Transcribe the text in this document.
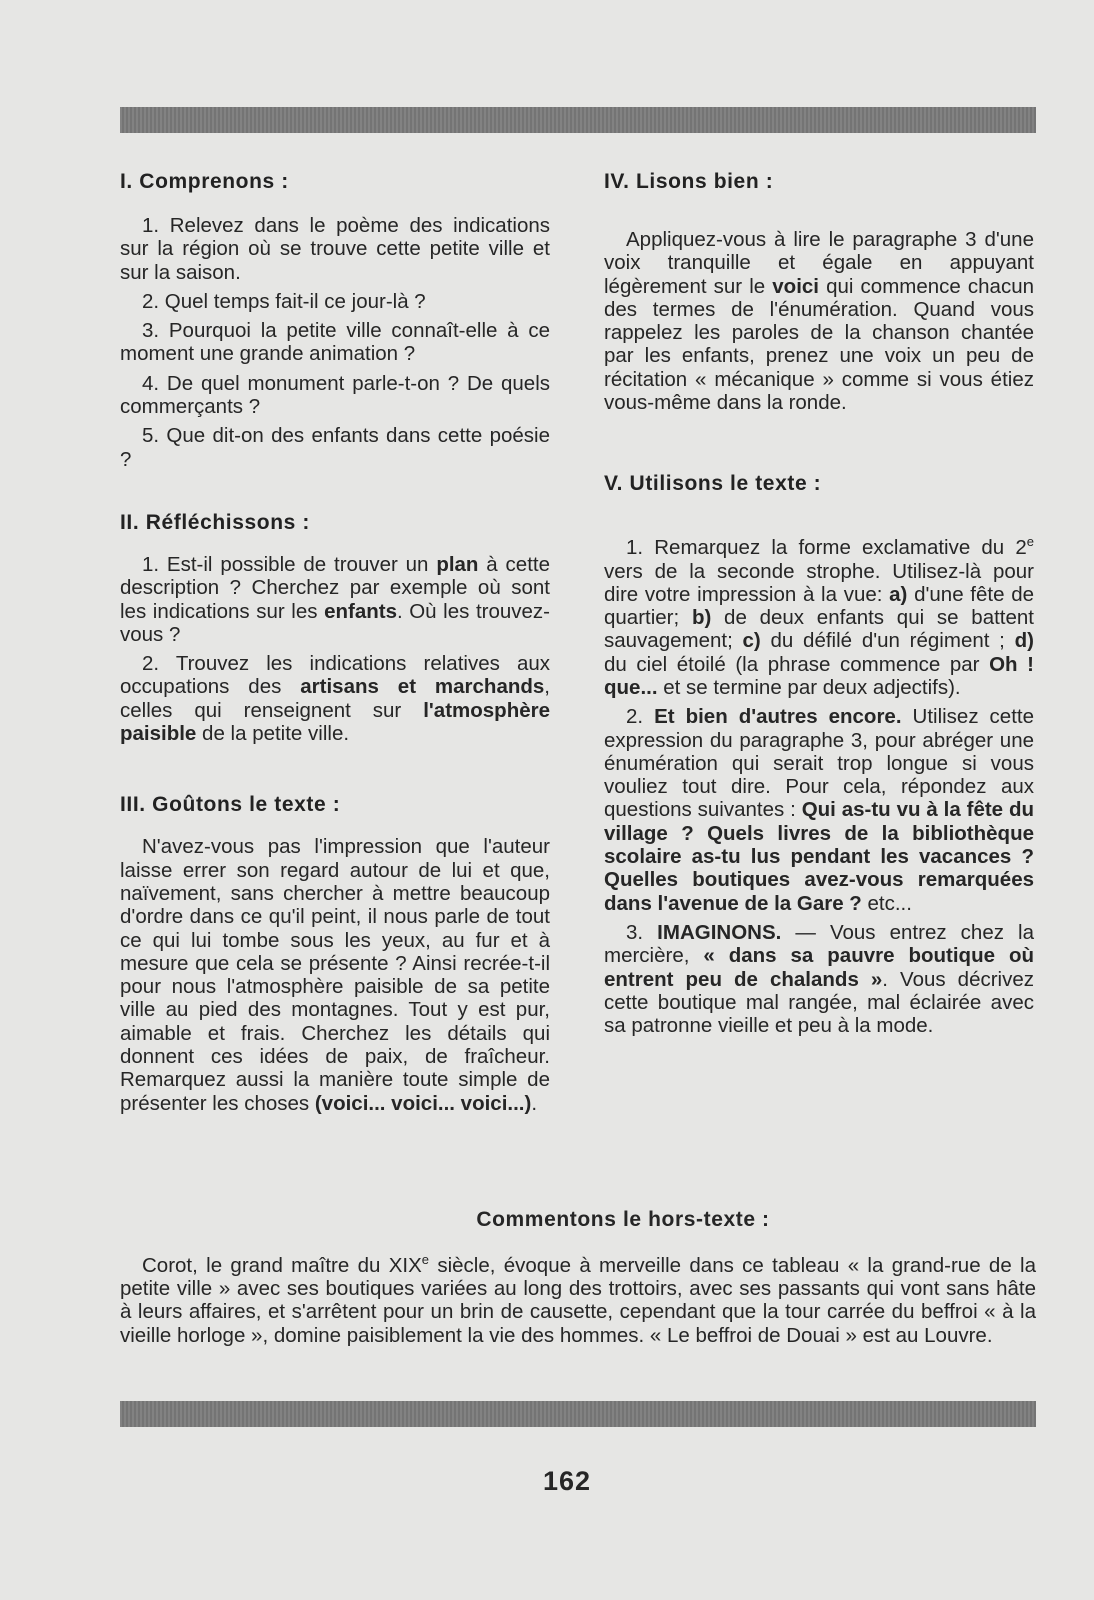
I. Comprenons :

1. Relevez dans le poème des indications sur la région où se trouve cette petite ville et sur la saison.

2. Quel temps fait-il ce jour-là ?

3. Pourquoi la petite ville connaît-elle à ce moment une grande animation ?

4. De quel monument parle-t-on ? De quels commerçants ?

5. Que dit-on des enfants dans cette poésie ?

II. Réfléchissons :

1. Est-il possible de trouver un plan à cette description ? Cherchez par exemple où sont les indications sur les enfants. Où les trouvez-vous ?

2. Trouvez les indications relatives aux occupations des artisans et marchands, celles qui renseignent sur l'atmosphère paisible de la petite ville.

III. Goûtons le texte :

N'avez-vous pas l'impression que l'auteur laisse errer son regard autour de lui et que, naïvement, sans chercher à mettre beaucoup d'ordre dans ce qu'il peint, il nous parle de tout ce qui lui tombe sous les yeux, au fur et à mesure que cela se présente ? Ainsi recrée-t-il pour nous l'atmosphère paisible de sa petite ville au pied des montagnes. Tout y est pur, aimable et frais. Cherchez les détails qui donnent ces idées de paix, de fraîcheur. Remarquez aussi la manière toute simple de présenter les choses (voici... voici... voici...).

IV. Lisons bien :

Appliquez-vous à lire le paragraphe 3 d'une voix tranquille et égale en appuyant légèrement sur le voici qui commence chacun des termes de l'énumération. Quand vous rappelez les paroles de la chanson chantée par les enfants, prenez une voix un peu de récitation « mécanique » comme si vous étiez vous-même dans la ronde.

V. Utilisons le texte :

1. Remarquez la forme exclamative du 2e vers de la seconde strophe. Utilisez-là pour dire votre impression à la vue: a) d'une fête de quartier; b) de deux enfants qui se battent sauvagement; c) du défilé d'un régiment ; d) du ciel étoilé (la phrase commence par Oh ! que... et se termine par deux adjectifs).

2. Et bien d'autres encore. Utilisez cette expression du paragraphe 3, pour abréger une énumération qui serait trop longue si vous vouliez tout dire. Pour cela, répondez aux questions suivantes : Qui as-tu vu à la fête du village ? Quels livres de la bibliothèque scolaire as-tu lus pendant les vacances ? Quelles boutiques avez-vous remarquées dans l'avenue de la Gare ? etc...

3. IMAGINONS. — Vous entrez chez la mercière, « dans sa pauvre boutique où entrent peu de chalands ». Vous décrivez cette boutique mal rangée, mal éclairée avec sa patronne vieille et peu à la mode.

Commentons le hors-texte :

Corot, le grand maître du XIXe siècle, évoque à merveille dans ce tableau « la grand-rue de la petite ville » avec ses boutiques variées au long des trottoirs, avec ses passants qui vont sans hâte à leurs affaires, et s'arrêtent pour un brin de causette, cependant que la tour carrée du beffroi « à la vieille horloge », domine paisiblement la vie des hommes. « Le beffroi de Douai » est au Louvre.

162
